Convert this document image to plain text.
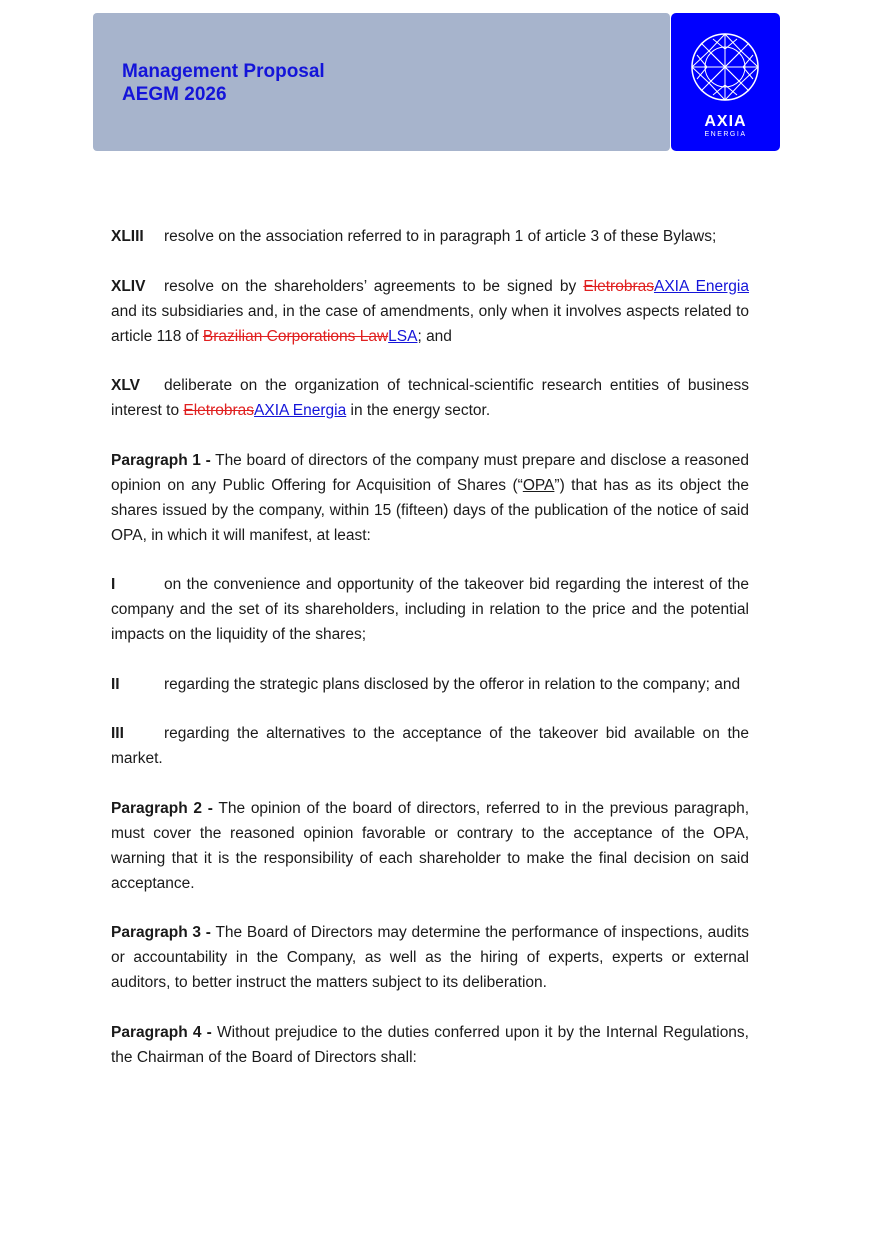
Management Proposal
AEGM 2026
AXIA
ENERGIA

XLIII resolve on the association referred to in paragraph 1 of article 3 of these Bylaws;

XLIV resolve on the shareholders’ agreements to be signed by EletrobrasAXIA Energia and its subsidiaries and, in the case of amendments, only when it involves aspects related to article 118 of Brazilian Corporations LawLSA; and

XLV deliberate on the organization of technical-scientific research entities of business interest to EletrobrasAXIA Energia in the energy sector.

Paragraph 1 - The board of directors of the company must prepare and disclose a reasoned opinion on any Public Offering for Acquisition of Shares (“OPA”) that has as its object the shares issued by the company, within 15 (fifteen) days of the publication of the notice of said OPA, in which it will manifest, at least:

I	on the convenience and opportunity of the takeover bid regarding the interest of the company and the set of its shareholders, including in relation to the price and the potential impacts on the liquidity of the shares;

II	regarding the strategic plans disclosed by the offeror in relation to the company; and

III	regarding the alternatives to the acceptance of the takeover bid available on the market.

Paragraph 2 - The opinion of the board of directors, referred to in the previous paragraph, must cover the reasoned opinion favorable or contrary to the acceptance of the OPA, warning that it is the responsibility of each shareholder to make the final decision on said acceptance.

Paragraph 3 - The Board of Directors may determine the performance of inspections, audits or accountability in the Company, as well as the hiring of experts, experts or external auditors, to better instruct the matters subject to its deliberation.

Paragraph 4 - Without prejudice to the duties conferred upon it by the Internal Regulations, the Chairman of the Board of Directors shall:
